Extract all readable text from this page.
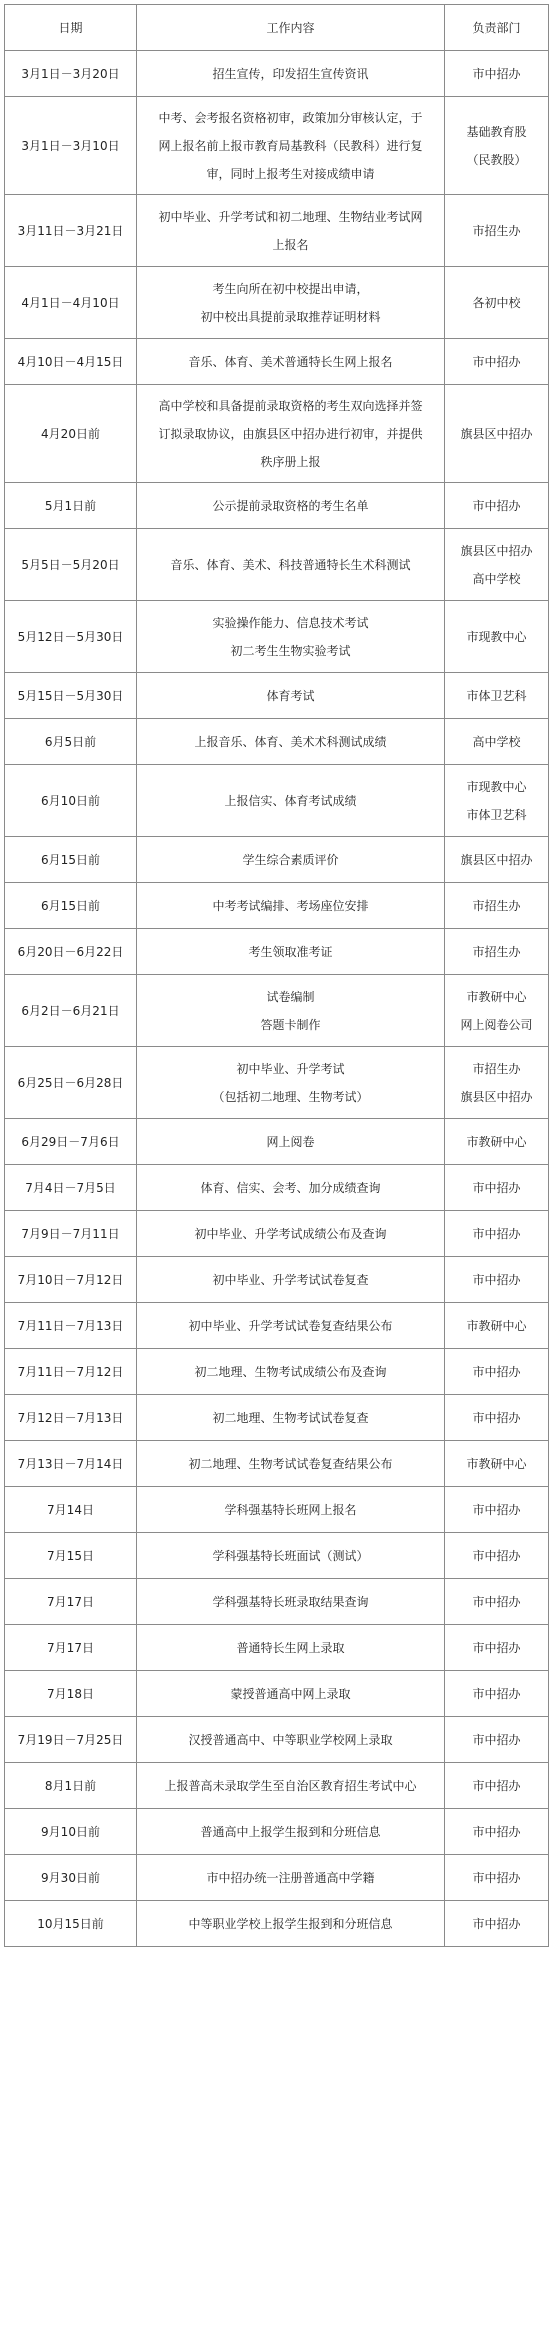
日期	工作内容	负责部门
3月1日－3月20日	招生宣传，印发招生宣传资讯	市中招办

3月1日－3月10日	中考、会考报名资格初审，政策加分审核认定，于
网上报名前上报市教育局基教科（民教科）进行复
审，同时上报考生对接成绩申请	基础教育股
（民教股）

3月11日－3月21日	初中毕业、升学考试和初二地理、生物结业考试网
上报名	市招生办

4月1日－4月10日	考生向所在初中校提出申请，
初中校出具提前录取推荐证明材料	各初中校

4月10日－4月15日	音乐、体育、美术普通特长生网上报名	市中招办

4月20日前	高中学校和具备提前录取资格的考生双向选择并签
订拟录取协议，由旗县区中招办进行初审，并提供
秩序册上报	旗县区中招办

5月1日前	公示提前录取资格的考生名单	市中招办

5月5日－5月20日	音乐、体育、美术、科技普通特长生术科测试	旗县区中招办
高中学校

5月12日－5月30日	实验操作能力、信息技术考试
初二考生生物实验考试	市现教中心

5月15日－5月30日	体育考试	市体卫艺科

6月5日前	上报音乐、体育、美术术科测试成绩	高中学校

6月10日前	上报信实、体育考试成绩	市现教中心
市体卫艺科

6月15日前	学生综合素质评价	旗县区中招办

6月15日前	中考考试编排、考场座位安排	市招生办

6月20日－6月22日	考生领取准考证	市招生办

6月2日－6月21日	试卷编制
答题卡制作	市教研中心
网上阅卷公司

6月25日－6月28日	初中毕业、升学考试
（包括初二地理、生物考试）	市招生办
旗县区中招办

6月29日－7月6日	网上阅卷	市教研中心

7月4日－7月5日	体育、信实、会考、加分成绩查询	市中招办

7月9日－7月11日	初中毕业、升学考试成绩公布及查询	市中招办

7月10日－7月12日	初中毕业、升学考试试卷复查	市中招办

7月11日－7月13日	初中毕业、升学考试试卷复查结果公布	市教研中心

7月11日－7月12日	初二地理、生物考试成绩公布及查询	市中招办

7月12日－7月13日	初二地理、生物考试试卷复查	市中招办

7月13日－7月14日	初二地理、生物考试试卷复查结果公布	市教研中心

7月14日	学科强基特长班网上报名	市中招办

7月15日	学科强基特长班面试（测试）	市中招办

7月17日	学科强基特长班录取结果查询	市中招办

7月17日	普通特长生网上录取	市中招办

7月18日	蒙授普通高中网上录取	市中招办

7月19日－7月25日	汉授普通高中、中等职业学校网上录取	市中招办

8月1日前	上报普高未录取学生至自治区教育招生考试中心	市中招办

9月10日前	普通高中上报学生报到和分班信息	市中招办

9月30日前	市中招办统一注册普通高中学籍	市中招办

10月15日前	中等职业学校上报学生报到和分班信息	市中招办
